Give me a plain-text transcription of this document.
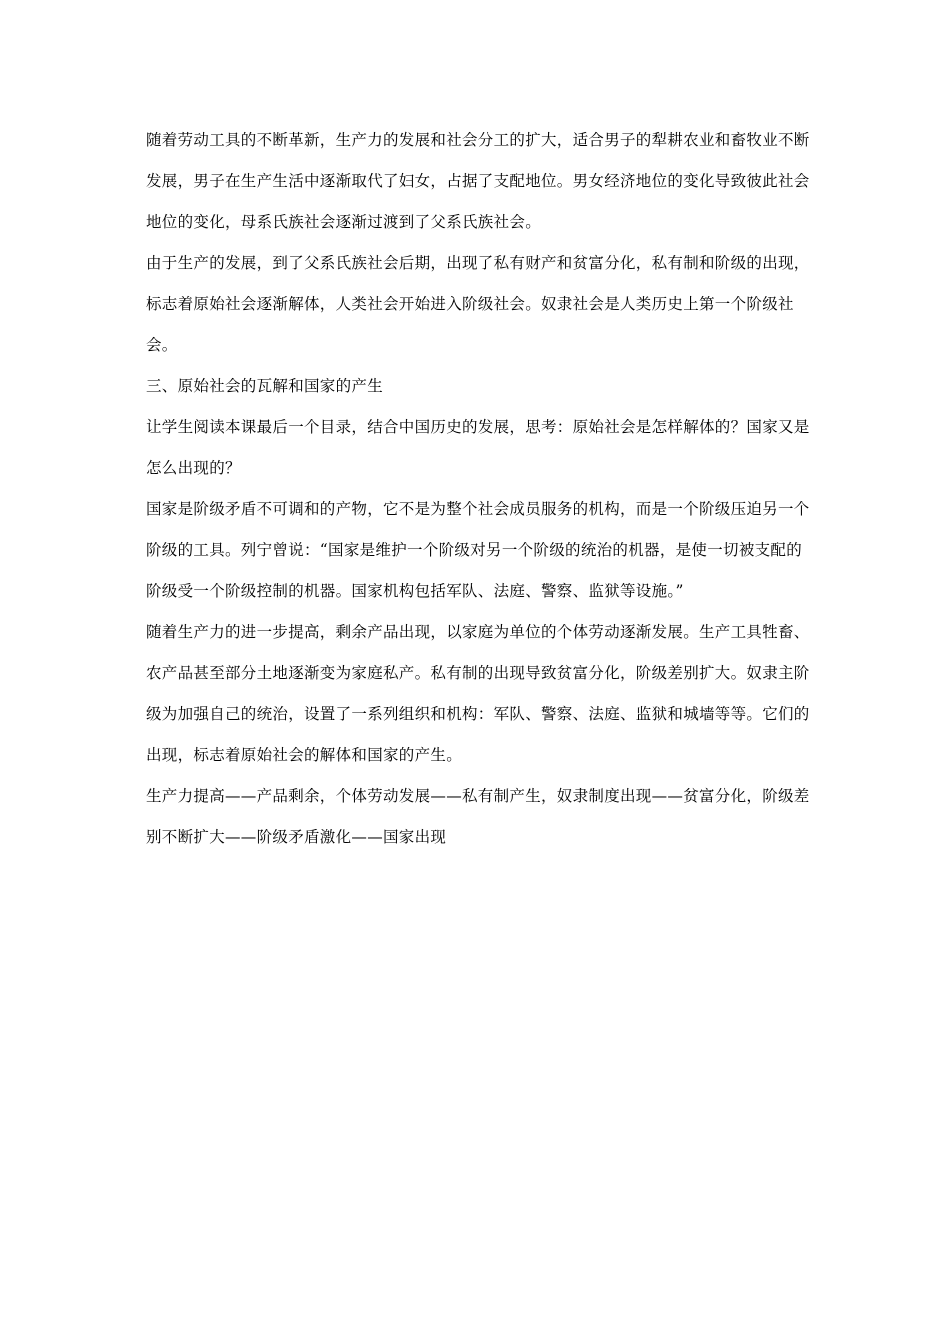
随着劳动工具的不断革新，生产力的发展和社会分工的扩大，适合男子的犁耕农业和畜牧业不断发展，男子在生产生活中逐渐取代了妇女，占据了支配地位。男女经济地位的变化导致彼此社会地位的变化，母系氏族社会逐渐过渡到了父系氏族社会。

由于生产的发展，到了父系氏族社会后期，出现了私有财产和贫富分化，私有制和阶级的出现，标志着原始社会逐渐解体，人类社会开始进入阶级社会。奴隶社会是人类历史上第一个阶级社会。

三、原始社会的瓦解和国家的产生

让学生阅读本课最后一个目录，结合中国历史的发展，思考：原始社会是怎样解体的？国家又是怎么出现的？

国家是阶级矛盾不可调和的产物，它不是为整个社会成员服务的机构，而是一个阶级压迫另一个阶级的工具。列宁曾说：“国家是维护一个阶级对另一个阶级的统治的机器，是使一切被支配的阶级受一个阶级控制的机器。国家机构包括军队、法庭、警察、监狱等设施。”

随着生产力的进一步提高，剩余产品出现，以家庭为单位的个体劳动逐渐发展。生产工具牲畜、农产品甚至部分土地逐渐变为家庭私产。私有制的出现导致贫富分化，阶级差别扩大。奴隶主阶级为加强自己的统治，设置了一系列组织和机构：军队、警察、法庭、监狱和城墙等等。它们的出现，标志着原始社会的解体和国家的产生。

生产力提高——产品剩余，个体劳动发展——私有制产生，奴隶制度出现——贫富分化，阶级差别不断扩大——阶级矛盾激化——国家出现
